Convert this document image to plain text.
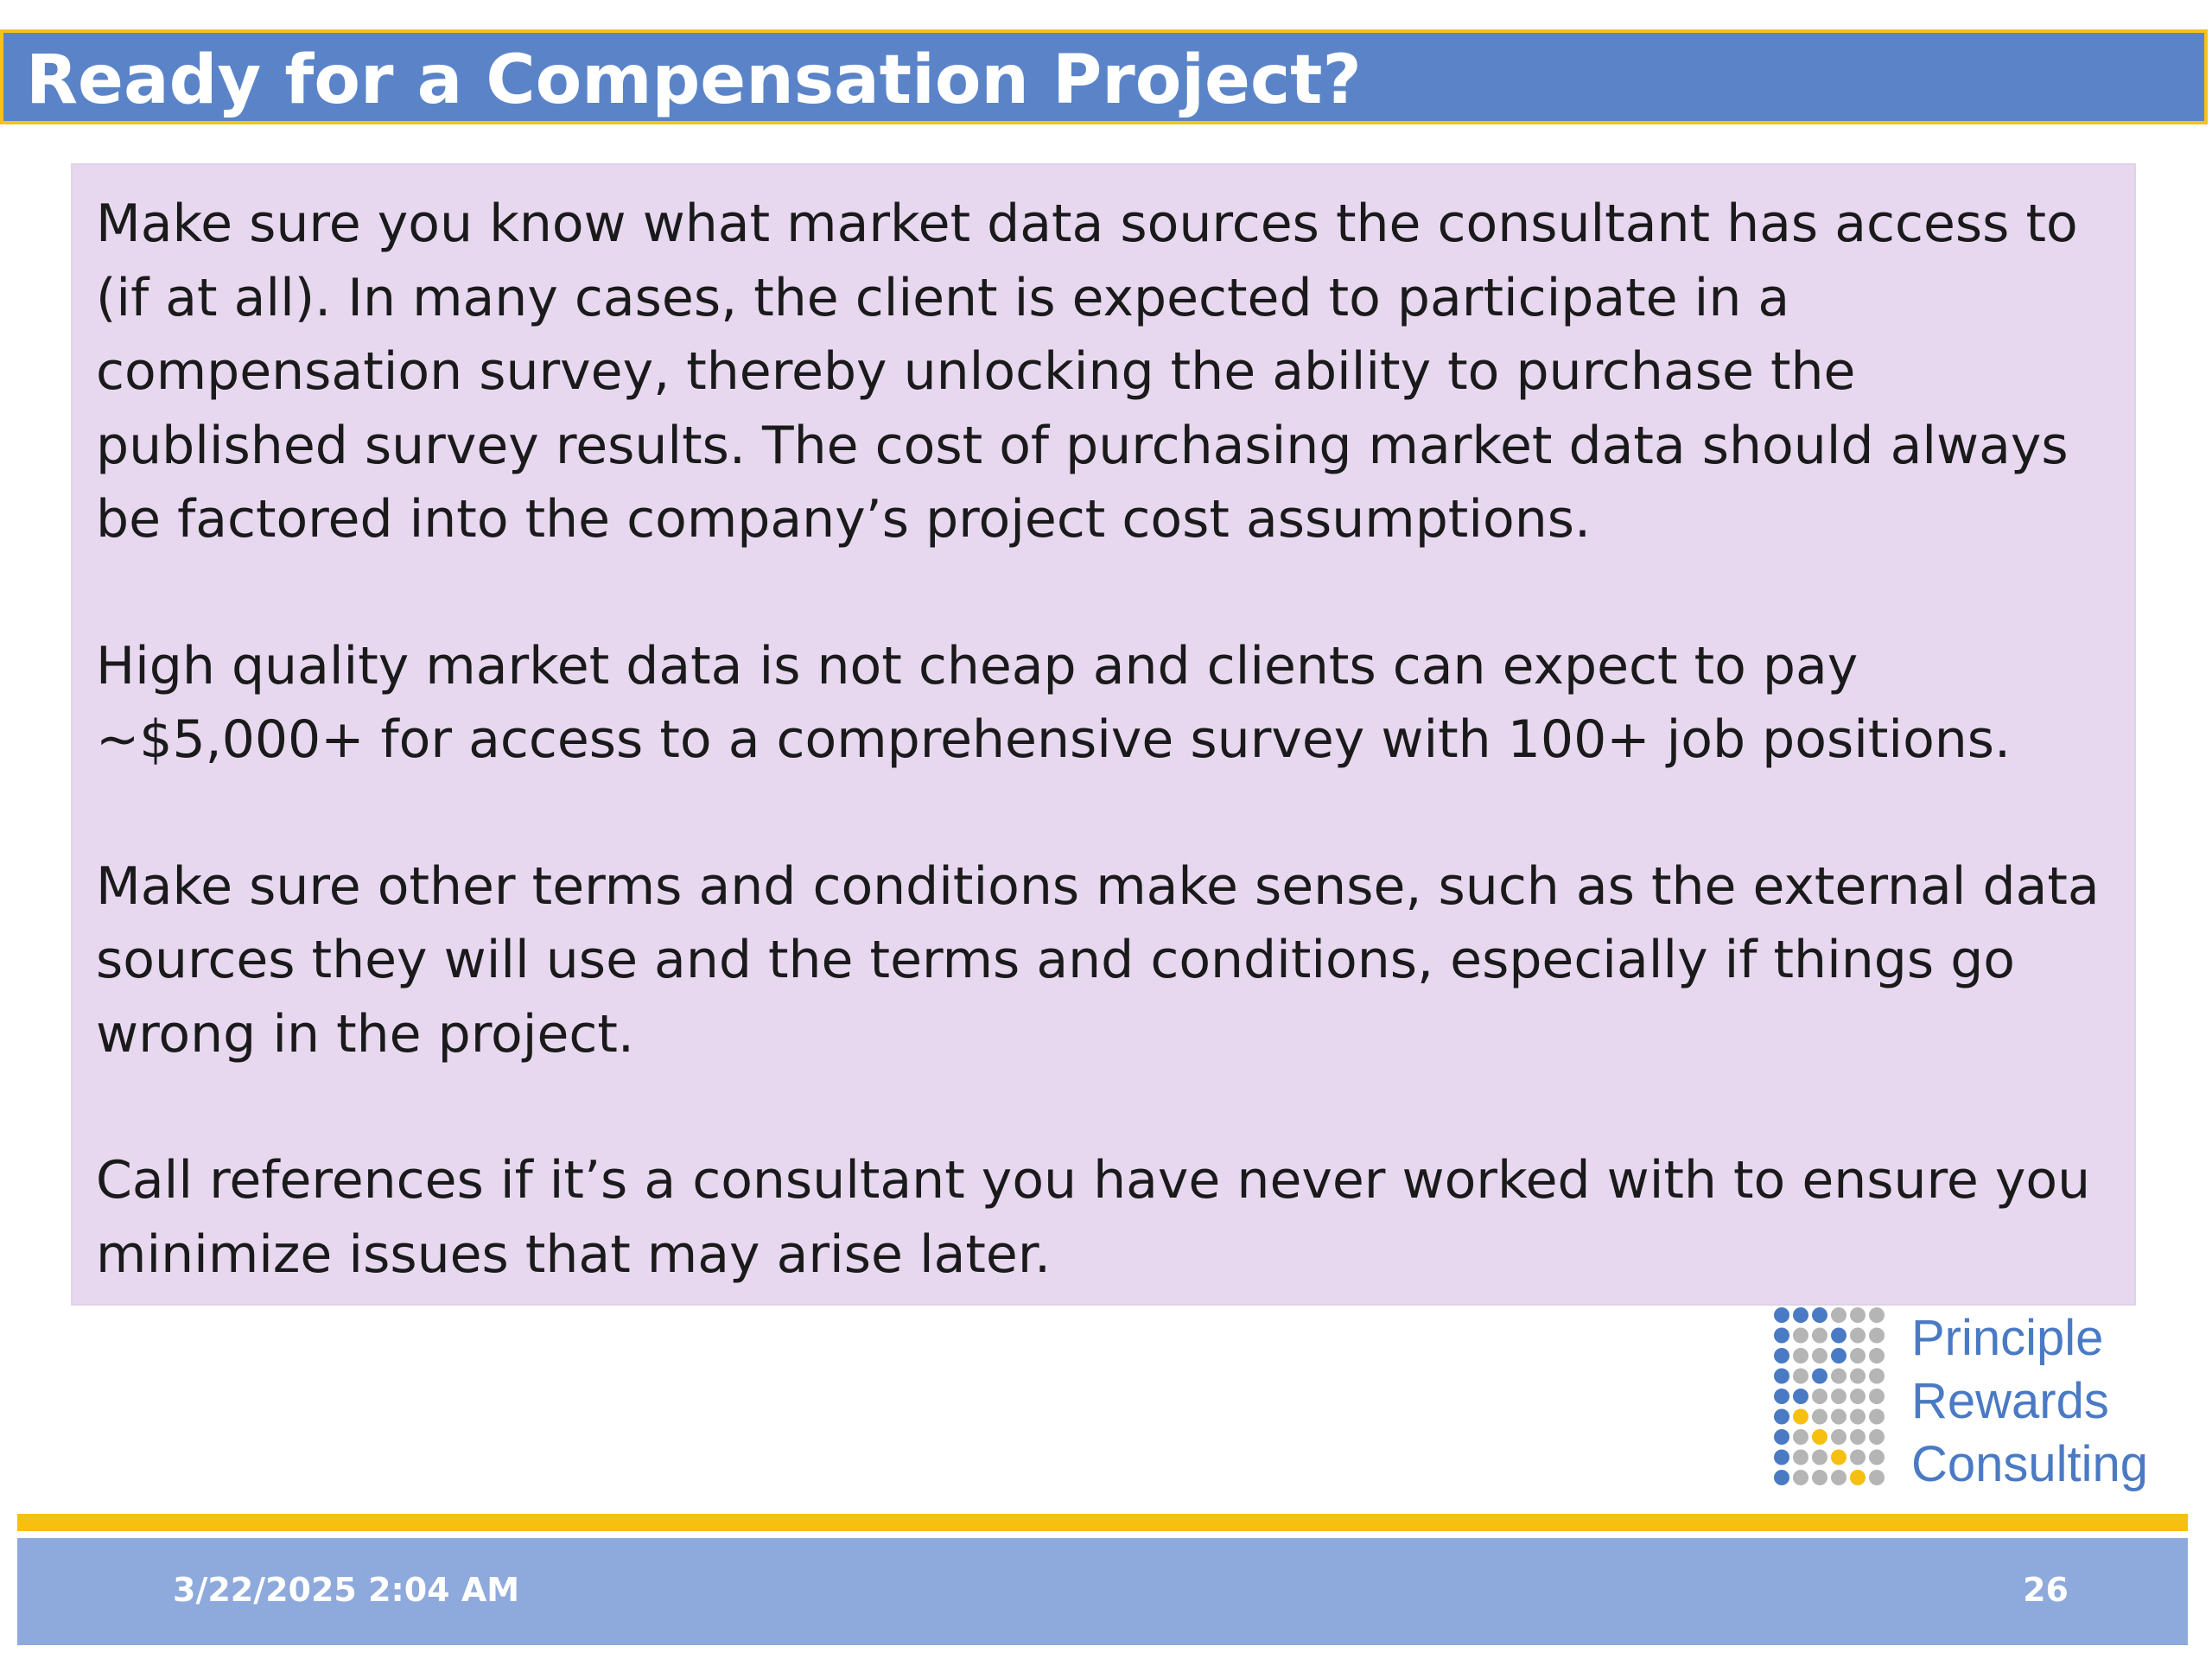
Ready for a Compensation Project?

Make sure you know what market data sources the consultant has access to (if at all). In many cases, the client is expected to participate in a compensation survey, thereby unlocking the ability to purchase the published survey results. The cost of purchasing market data should always be factored into the company’s project cost assumptions.

High quality market data is not cheap and clients can expect to pay ~$5,000+ for access to a comprehensive survey with 100+ job positions.

Make sure other terms and conditions make sense, such as the external data sources they will use and the terms and conditions, especially if things go wrong in the project.

Call references if it’s a consultant you have never worked with to ensure you minimize issues that may arise later.

Principle
Rewards
Consulting
3/22/2025 2:04 AM	26
